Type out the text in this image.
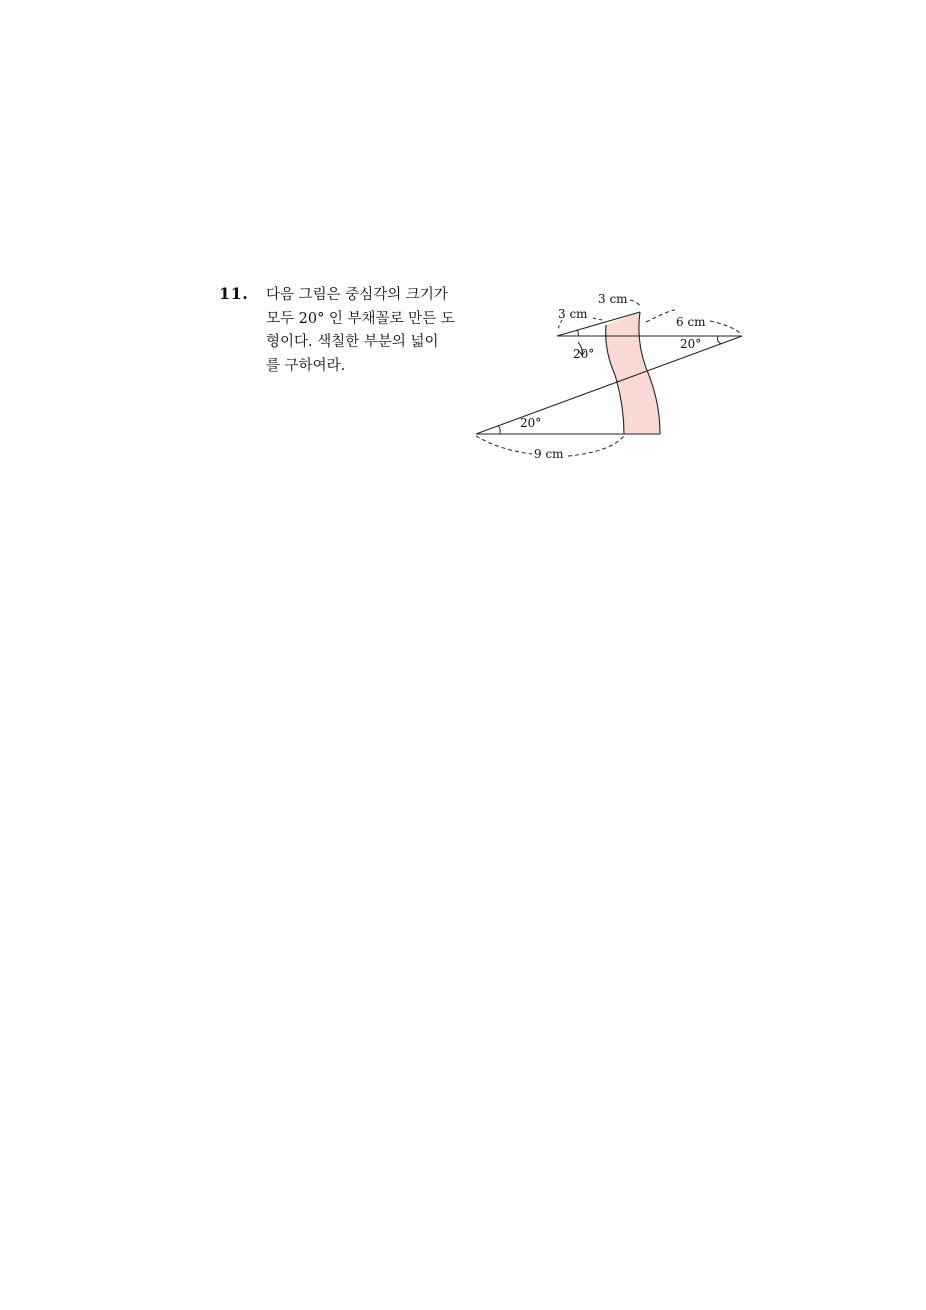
11. 다음 그림은 중심각의 크기가
모두 20° 인 부채꼴로 만든 도
형이다. 색칠한 부분의 넓이
를 구하여라.
3 cm
3 cm
6 cm
20°
20°
20°
9 cm
